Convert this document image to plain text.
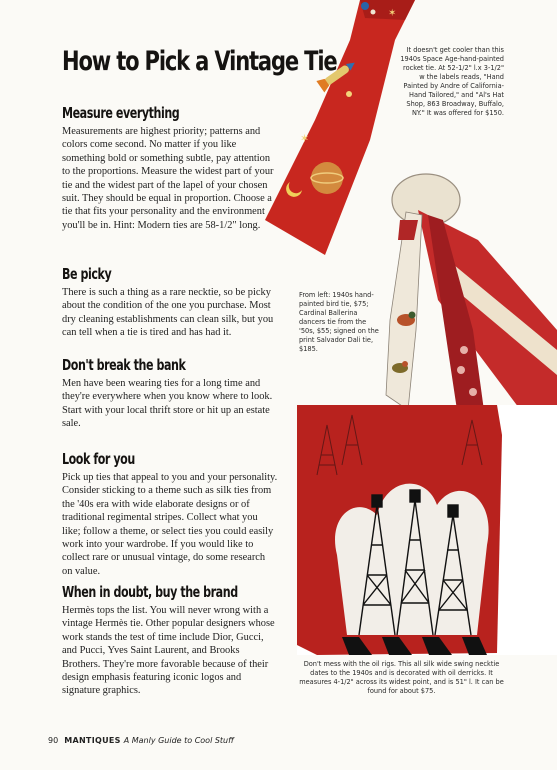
✶
✶
How to Pick a Vintage Tie
Measure everything

Measurements are highest priority; patterns and colors come second. No matter if you like something bold or something subtle, pay attention to the proportions. Measure the widest part of your tie and the widest part of the lapel of your chosen suit. They should be equal in proportion. Choose a tie that fits your personality and the environment you'll be in. Hint: Modern ties are 58-1/2" long.

Be picky

There is such a thing as a rare necktie, so be picky about the condition of the one you purchase. Most dry cleaning establishments can clean silk, but you can tell when a tie is tired and has had it.

Don't break the bank

Men have been wearing ties for a long time and they're everywhere when you know where to look. Start with your local thrift store or hit up an estate sale.

Look for you

Pick up ties that appeal to you and your personality. Consider sticking to a theme such as silk ties from the '40s era with wide elaborate designs or of traditional regimental stripes. Collect what you like; follow a theme, or select ties you could easily work into your wardrobe. If you would like to collect rare or unusual vintage, do some research on value.

When in doubt, buy the brand

Hermès tops the list. You will never wrong with a vintage Hermès tie. Other popular designers whose work stands the test of time include Dior, Gucci, and Pucci, Yves Saint Laurent, and Brooks Brothers. They're more favorable because of their design emphasis featuring iconic logos and signature graphics.

It doesn't get cooler than this 1940s Space Age-hand-painted rocket tie. At 52-1/2" l.x 3-1/2" w the labels reads, "Hand Painted by Andre of California-Hand Tailored," and "Al's Hat Shop, 863 Broadway, Buffalo, NY." It was offered for $150.
From left: 1940s hand-painted bird tie, $75; Cardinal Ballerina dancers tie from the '50s, $55; signed on the print Salvador Dali tie, $185.
Don't mess with the oil rigs. This all silk wide swing necktie dates to the 1940s and is decorated with oil derricks. It measures 4-1/2" across its widest point, and is 51" l. It can be found for about $75.
90 MANTIQUES A Manly Guide to Cool Stuff
